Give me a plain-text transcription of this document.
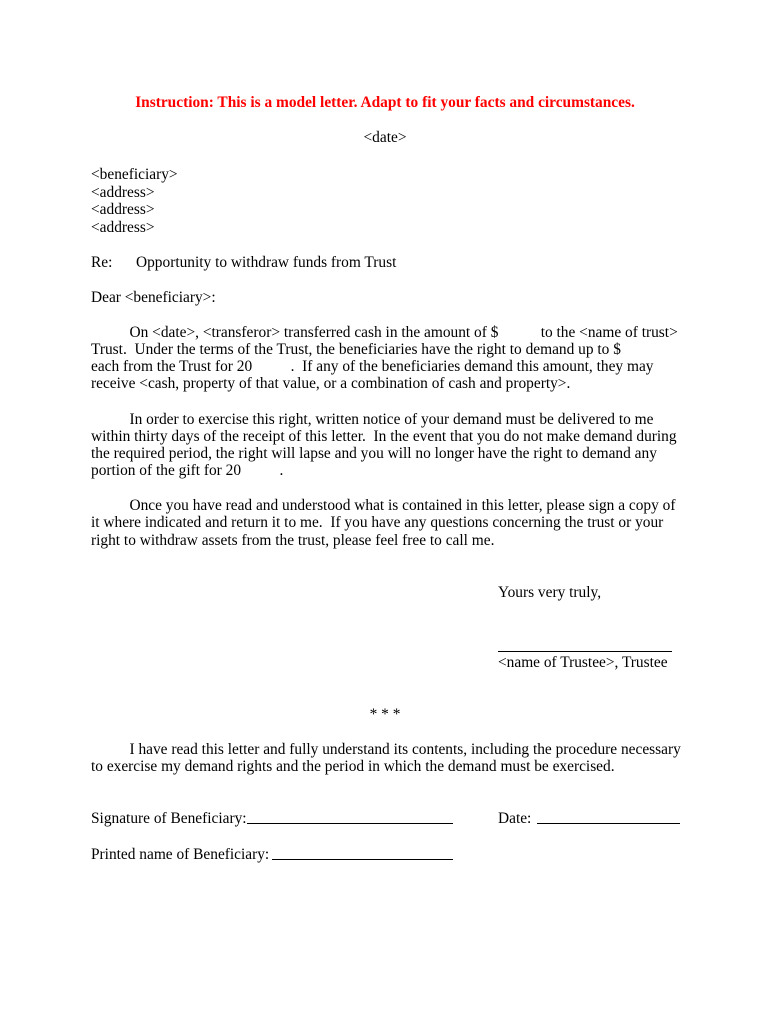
Instruction: This is a model letter. Adapt to fit your facts and circumstances.
<date>
<beneficiary>
<address>
<address>
<address>
Re: Opportunity to withdraw funds from Trust
Dear <beneficiary>:
On <date>, <transferor> transferred cash in the amount of $           to the <name of trust>
Trust.  Under the terms of the Trust, the beneficiaries have the right to demand up to $
each from the Trust for 20          .  If any of the beneficiaries demand this amount, they may
receive <cash, property of that value, or a combination of cash and property>.
In order to exercise this right, written notice of your demand must be delivered to me
within thirty days of the receipt of this letter.  In the event that you do not make demand during
the required period, the right will lapse and you will no longer have the right to demand any
portion of the gift for 20          .
Once you have read and understood what is contained in this letter, please sign a copy of
it where indicated and return it to me.  If you have any questions concerning the trust or your
right to withdraw assets from the trust, please feel free to call me.
Yours very truly,
<name of Trustee>, Trustee
* * *
I have read this letter and fully understand its contents, including the procedure necessary
to exercise my demand rights and the period in which the demand must be exercised.
Signature of Beneficiary:	Date:
Printed name of Beneficiary:
